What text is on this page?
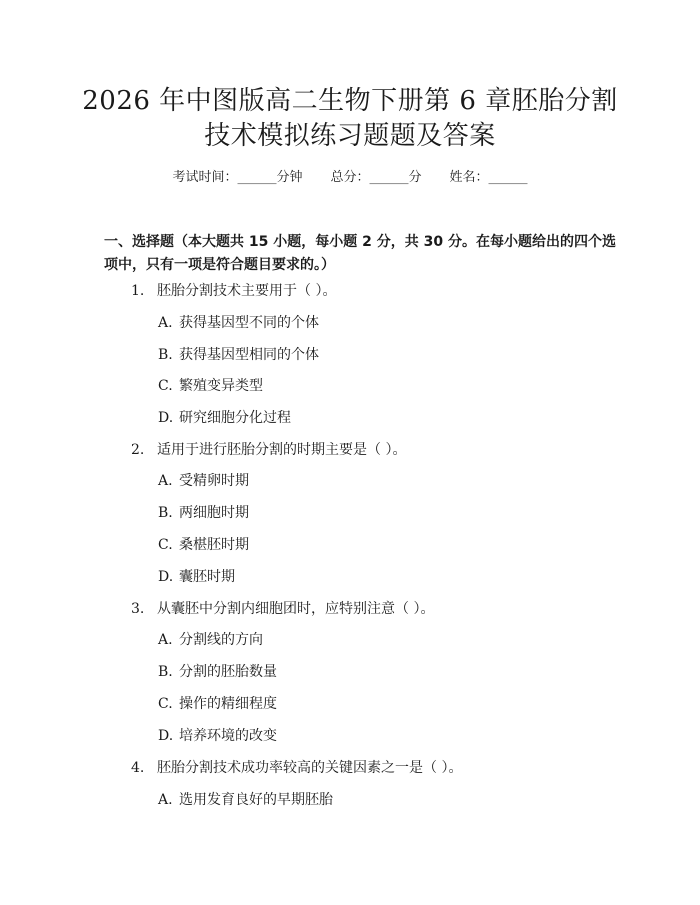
2026 年中图版高二生物下册第 6 章胚胎分割
技术模拟练习题题及答案
考试时间：______分钟 总分：______分 姓名：______
一、选择题（本大题共 15 小题，每小题 2 分，共 30 分。在每小题给出的四个选
项中，只有一项是符合题目要求的。）
1. 胚胎分割技术主要用于（ ）。
A. 获得基因型不同的个体
B. 获得基因型相同的个体
C. 繁殖变异类型
D. 研究细胞分化过程
2. 适用于进行胚胎分割的时期主要是（ ）。
A. 受精卵时期
B. 两细胞时期
C. 桑椹胚时期
D. 囊胚时期
3. 从囊胚中分割内细胞团时，应特别注意（ ）。
A. 分割线的方向
B. 分割的胚胎数量
C. 操作的精细程度
D. 培养环境的改变
4. 胚胎分割技术成功率较高的关键因素之一是（ ）。
A. 选用发育良好的早期胚胎
